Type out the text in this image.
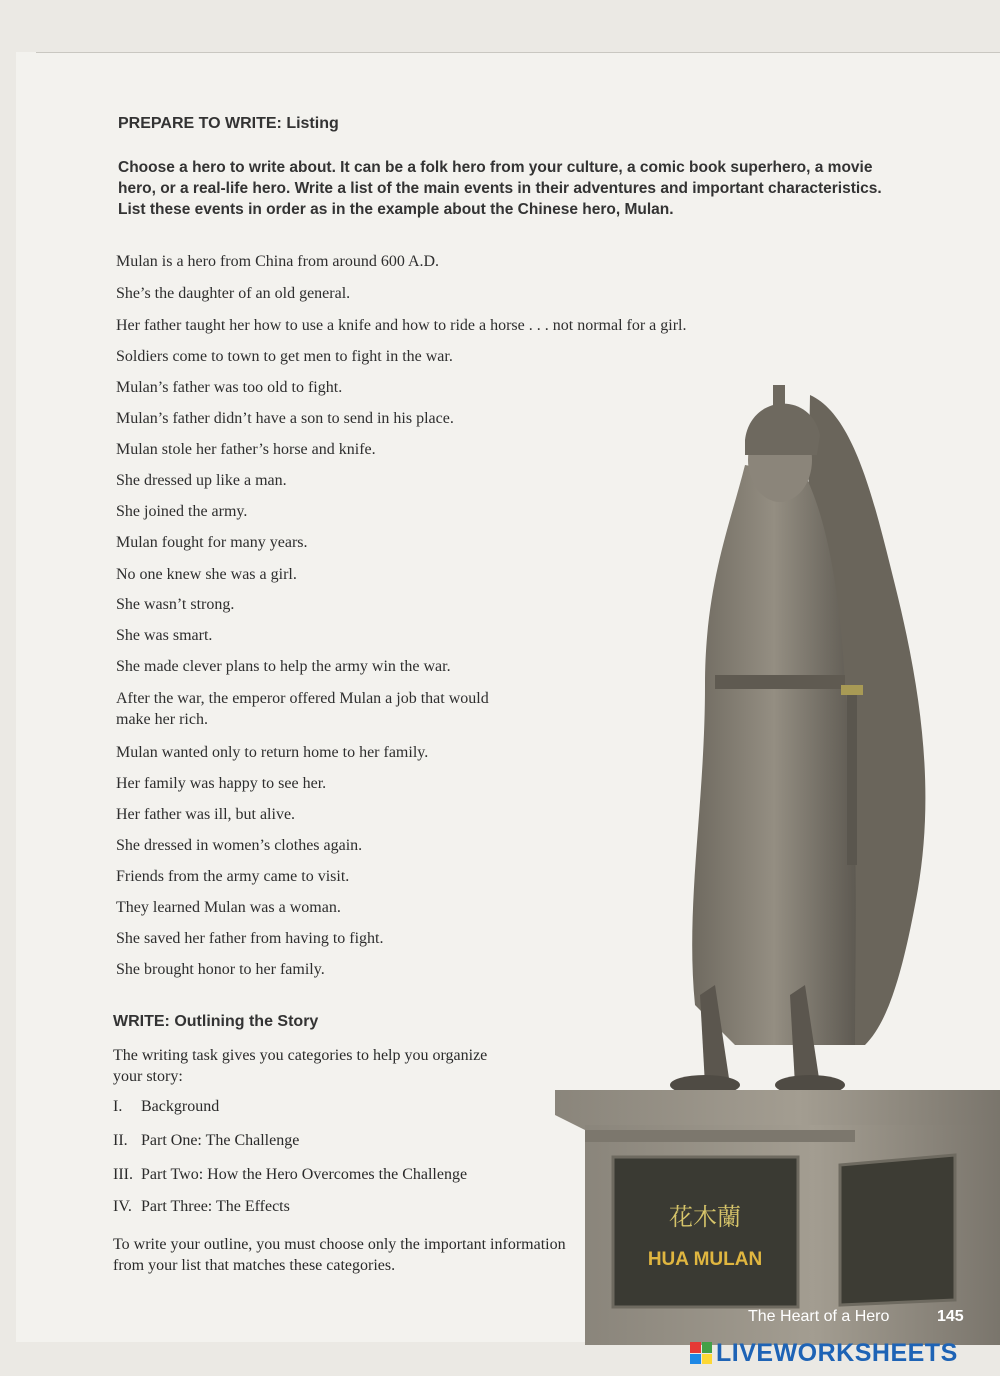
PREPARE TO WRITE: Listing
Choose a hero to write about. It can be a folk hero from your culture, a comic book superhero, a movie hero, or a real-life hero. Write a list of the main events in their adventures and important characteristics. List these events in order as in the example about the Chinese hero, Mulan.
Mulan is a hero from China from around 600 A.D.
She’s the daughter of an old general.
Her father taught her how to use a knife and how to ride a horse . . . not normal for a girl.
Soldiers come to town to get men to fight in the war.
Mulan’s father was too old to fight.
Mulan’s father didn’t have a son to send in his place.
Mulan stole her father’s horse and knife.
She dressed up like a man.
She joined the army.
Mulan fought for many years.
No one knew she was a girl.
She wasn’t strong.
She was smart.
She made clever plans to help the army win the war.
After the war, the emperor offered Mulan a job that would make her rich.
Mulan wanted only to return home to her family.
Her family was happy to see her.
Her father was ill, but alive.
She dressed in women’s clothes again.
Friends from the army came to visit.
They learned Mulan was a woman.
She saved her father from having to fight.
She brought honor to her family.
WRITE: Outlining the Story
The writing task gives you categories to help you organize your story:
I. Background
II. Part One: The Challenge
III. Part Two: How the Hero Overcomes the Challenge
IV. Part Three: The Effects
To write your outline, you must choose only the important information from your list that matches these categories.
花木蘭
HUA MULAN
The Heart of a Hero	145
LIVEWORKSHEETS
